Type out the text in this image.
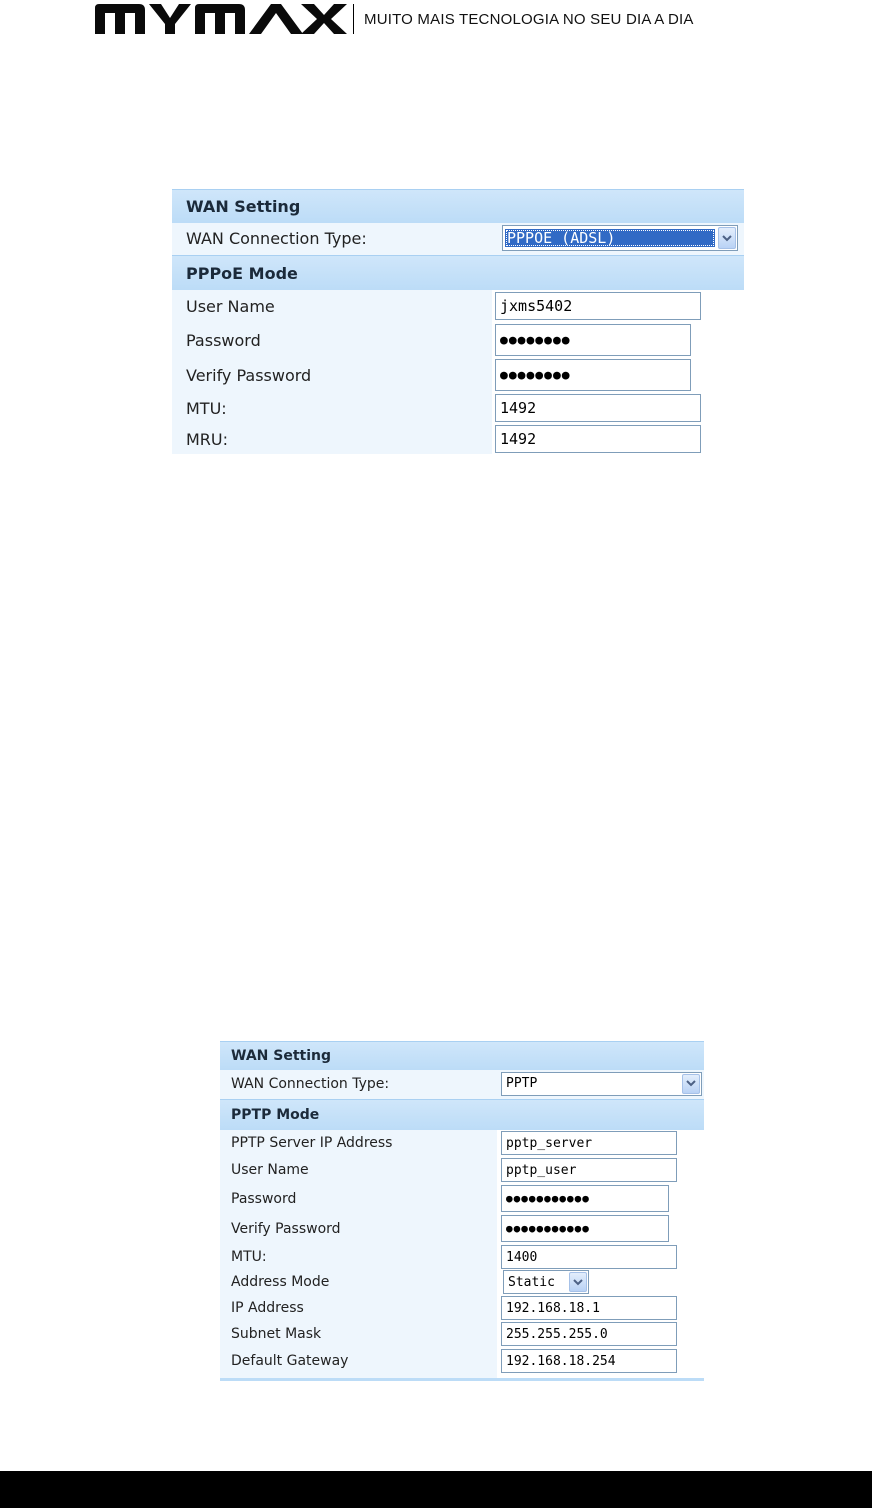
MUITO MAIS TECNOLOGIA NO SEU DIA A DIA
WAN Setting
WAN Connection Type:	PPPOE (ADSL)
PPPoE Mode
User Name	jxms5402
Password	●●●●●●●●
Verify Password	●●●●●●●●
MTU:	1492
MRU:	1492
WAN Setting
WAN Connection Type:	PPTP
PPTP Mode
PPTP Server IP Address	pptp_server
User Name	pptp_user
Password	●●●●●●●●●●●
Verify Password	●●●●●●●●●●●
MTU:	1400
Address Mode	Static
IP Address	192.168.18.1
Subnet Mask	255.255.255.0
Default Gateway	192.168.18.254
